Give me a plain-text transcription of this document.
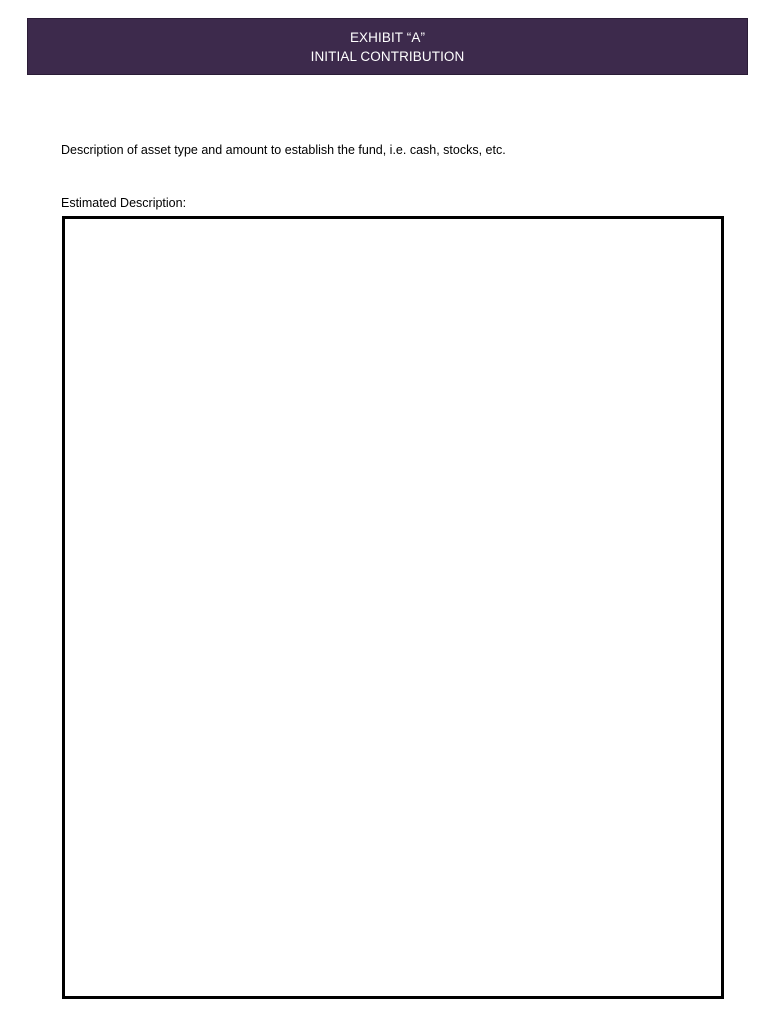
EXHIBIT “A”
INITIAL CONTRIBUTION
Description of asset type and amount to establish the fund, i.e. cash, stocks, etc.
Estimated Description:
